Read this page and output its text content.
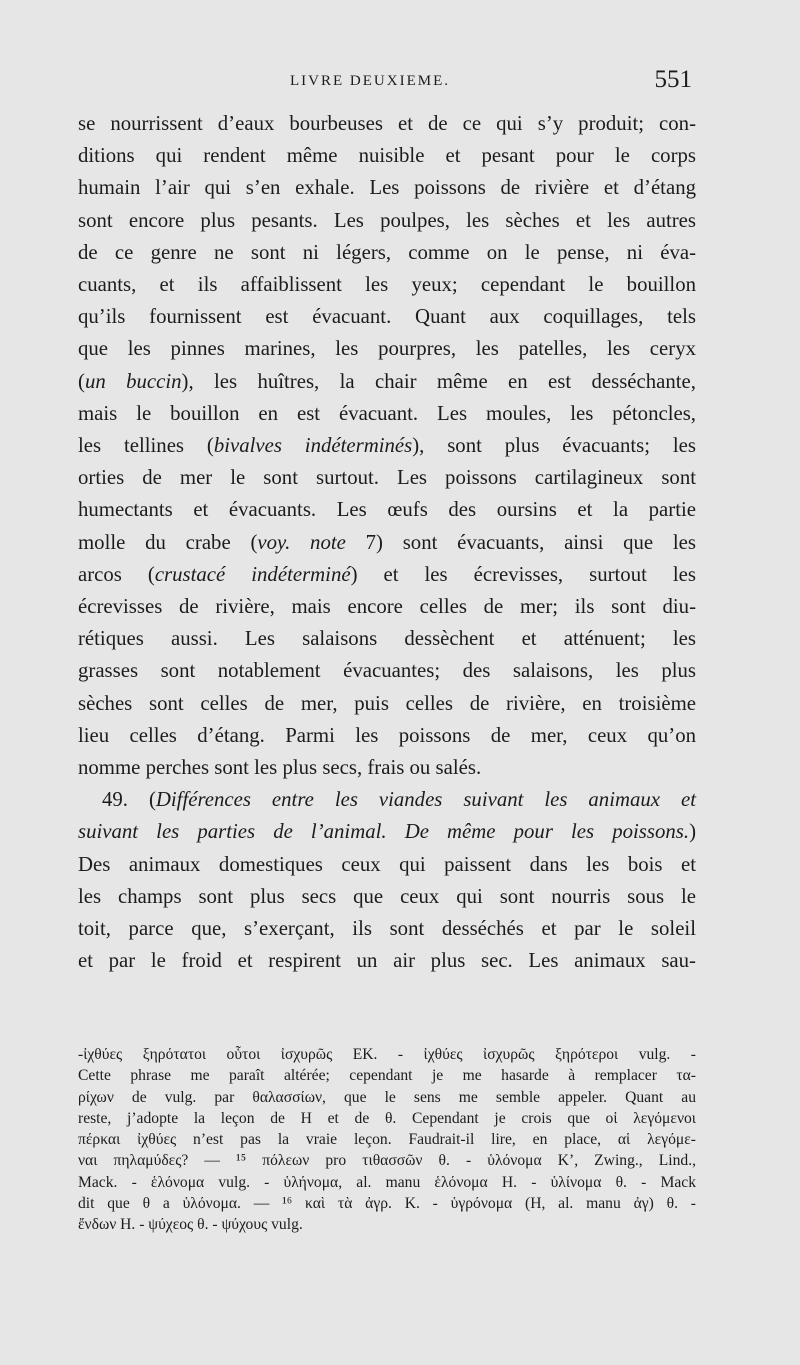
LIVRE DEUXIEME.	551
se nourrissent d’eaux bourbeuses et de ce qui s’y produit; con-
ditions qui rendent même nuisible et pesant pour le corps
humain l’air qui s’en exhale. Les poissons de rivière et d’étang
sont encore plus pesants. Les poulpes, les sèches et les autres
de ce genre ne sont ni légers, comme on le pense, ni éva-
cuants, et ils affaiblissent les yeux; cependant le bouillon
qu’ils fournissent est évacuant. Quant aux coquillages, tels
que les pinnes marines, les pourpres, les patelles, les ceryx
(un buccin), les huîtres, la chair même en est desséchante,
mais le bouillon en est évacuant. Les moules, les pétoncles,
les tellines (bivalves indéterminés), sont plus évacuants; les
orties de mer le sont surtout. Les poissons cartilagineux sont
humectants et évacuants. Les œufs des oursins et la partie
molle du crabe (voy. note 7) sont évacuants, ainsi que les
arcos (crustacé indéterminé) et les écrevisses, surtout les
écrevisses de rivière, mais encore celles de mer; ils sont diu-
rétiques aussi. Les salaisons dessèchent et atténuent; les
grasses sont notablement évacuantes; des salaisons, les plus
sèches sont celles de mer, puis celles de rivière, en troisième
lieu celles d’étang. Parmi les poissons de mer, ceux qu’on
nomme perches sont les plus secs, frais ou salés.
49. (Différences entre les viandes suivant les animaux et
suivant les parties de l’animal. De même pour les poissons.)
Des animaux domestiques ceux qui paissent dans les bois et
les champs sont plus secs que ceux qui sont nourris sous le
toit, parce que, s’exerçant, ils sont desséchés et par le soleil
et par le froid et respirent un air plus sec. Les animaux sau-
-ἰχθύες ξηρότατοι οὗτοι ἰσχυρῶς EK. - ἰχθύες ἰσχυρῶς ξηρότεροι vulg. -
Cette phrase me paraît altérée; cependant je me hasarde à remplacer τα-
ρίχων de vulg. par θαλασσίων, que le sens me semble appeler. Quant au
reste, j’adopte la leçon de H et de θ. Cependant je crois que οἱ λεγόμενοι
πέρκαι ἰχθύες n’est pas la vraie leçon. Faudrait-il lire, en place, αἱ λεγόμε-
ναι πηλαμύδες? — ¹⁵ πόλεων pro τιθασσῶν θ. - ὑλόνομα K’, Zwing., Lind.,
Mack. - ἑλόνομα vulg. - ὑλήνομα, al. manu ἑλόνομα H. - ὑλίνομα θ. - Mack
dit que θ a ὑλόνομα. — ¹⁶ καὶ τὰ ἀγρ. K. - ὑγρόνομα (H, al. manu ἀγ) θ. -
ἔνδων H. - ψύχεος θ. - ψύχους vulg.
